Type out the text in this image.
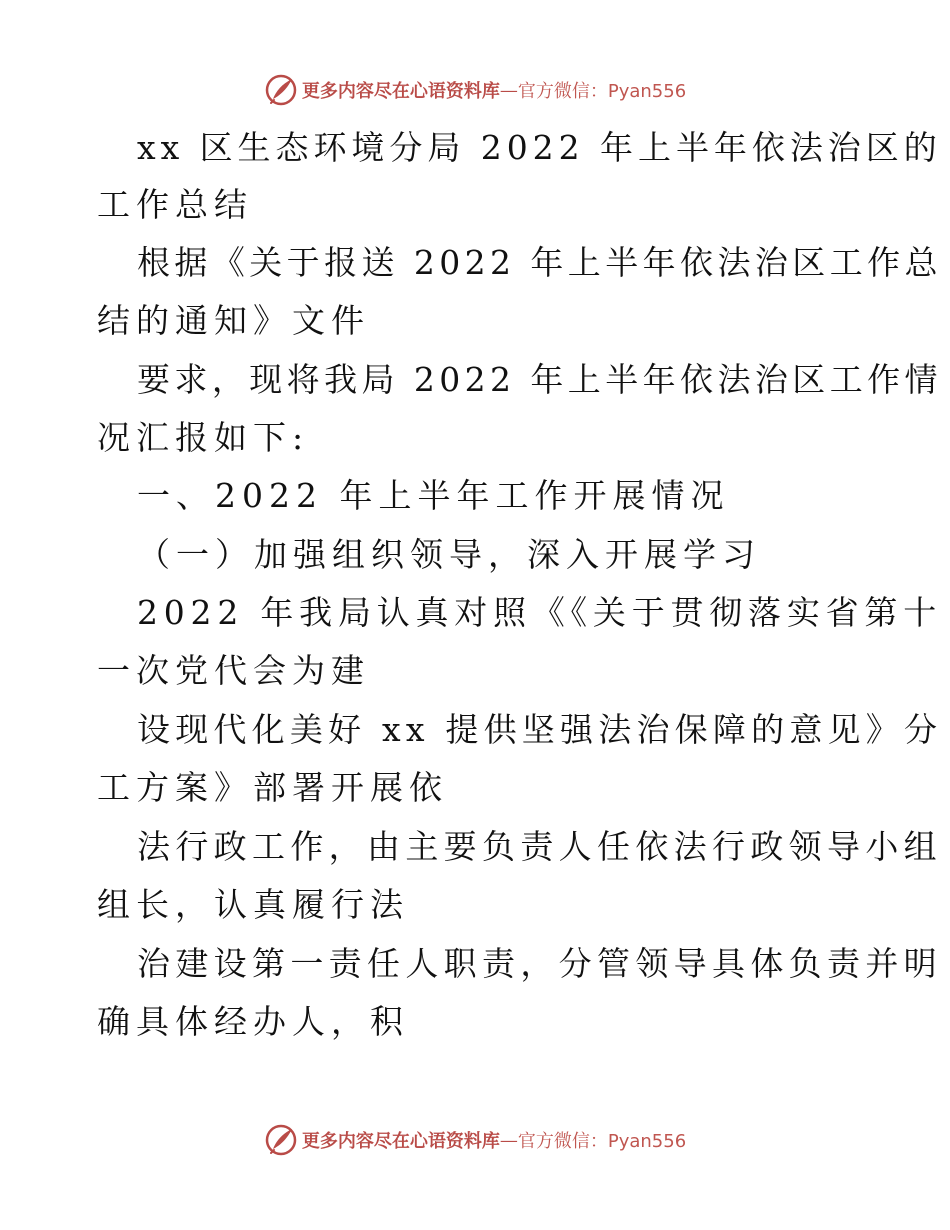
更多内容尽在心语资料库 — 官方微信：Pyan556
xx 区生态环境分局 2022 年上半年依法治区的
工作总结
根据《关于报送 2022 年上半年依法治区工作总
结的通知》文件
要求，现将我局 2022 年上半年依法治区工作情
况汇报如下:
一、2022 年上半年工作开展情况
（一）加强组织领导，深入开展学习
2022 年我局认真对照《《关于贯彻落实省第十
一次党代会为建
设现代化美好 xx 提供坚强法治保障的意见》分
工方案》部署开展依
法行政工作，由主要负责人任依法行政领导小组
组长，认真履行法
治建设第一责任人职责，分管领导具体负责并明
确具体经办人，积
更多内容尽在心语资料库 — 官方微信：Pyan556
